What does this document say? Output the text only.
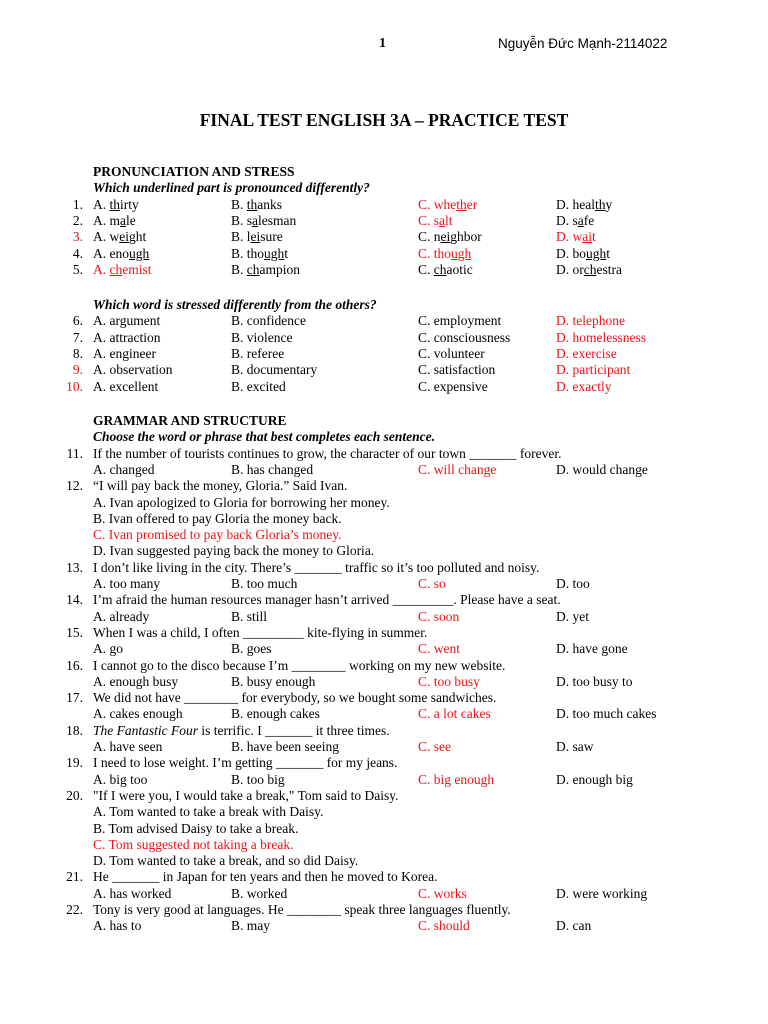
1	Nguyễn Đức Mạnh-2114022
FINAL TEST ENGLISH 3A – PRACTICE TEST
PRONUNCIATION AND STRESS
Which underlined part is pronounced differently?
1. A. thirty	B. thanks	C. whether	D. healthy
2. A. male	B. salesman	C. salt	D. safe
3. A. weight	B. leisure	C. neighbor	D. wait
4. A. enough	B. thought	C. though	D. bought
5. A. chemist	B. champion	C. chaotic	D. orchestra
Which word is stressed differently from the others?
6. A. argument	B. confidence	C. employment	D. telephone
7. A. attraction	B. violence	C. consciousness	D. homelessness
8. A. engineer	B. referee	C. volunteer	D. exercise
9. A. observation	B. documentary	C. satisfaction	D. participant
10. A. excellent	B. excited	C. expensive	D. exactly
GRAMMAR AND STRUCTURE
Choose the word or phrase that best completes each sentence.
11. If the number of tourists continues to grow, the character of our town _______ forever.
A. changed	B. has changed	C. will change	D. would change
12. “I will pay back the money, Gloria.” Said Ivan.
A. Ivan apologized to Gloria for borrowing her money.
B. Ivan offered to pay Gloria the money back.
C. Ivan promised to pay back Gloria’s money.
D. Ivan suggested paying back the money to Gloria.
13. I don’t like living in the city. There’s _______ traffic so it’s too polluted and noisy.
A. too many	B. too much	C. so	D. too
14. I’m afraid the human resources manager hasn’t arrived _________. Please have a seat.
A. already	B. still	C. soon	D. yet
15. When I was a child, I often _________ kite-flying in summer.
A. go	B. goes	C. went	D. have gone
16. I cannot go to the disco because I’m ________ working on my new website.
A. enough busy	B. busy enough	C. too busy	D. too busy to
17. We did not have ________ for everybody, so we bought some sandwiches.
A. cakes enough	B. enough cakes	C. a lot cakes	D. too much cakes
18. The Fantastic Four is terrific. I _______ it three times.
A. have seen	B. have been seeing	C. see	D. saw
19. I need to lose weight. I’m getting _______ for my jeans.
A. big too	B. too big	C. big enough	D. enough big
20. "If I were you, I would take a break," Tom said to Daisy.
A. Tom wanted to take a break with Daisy.
B. Tom advised Daisy to take a break.
C. Tom suggested not taking a break.
D. Tom wanted to take a break, and so did Daisy.
21. He _______ in Japan for ten years and then he moved to Korea.
A. has worked	B. worked	C. works	D. were working
22. Tony is very good at languages. He ________ speak three languages fluently.
A. has to	B. may	C. should	D. can
